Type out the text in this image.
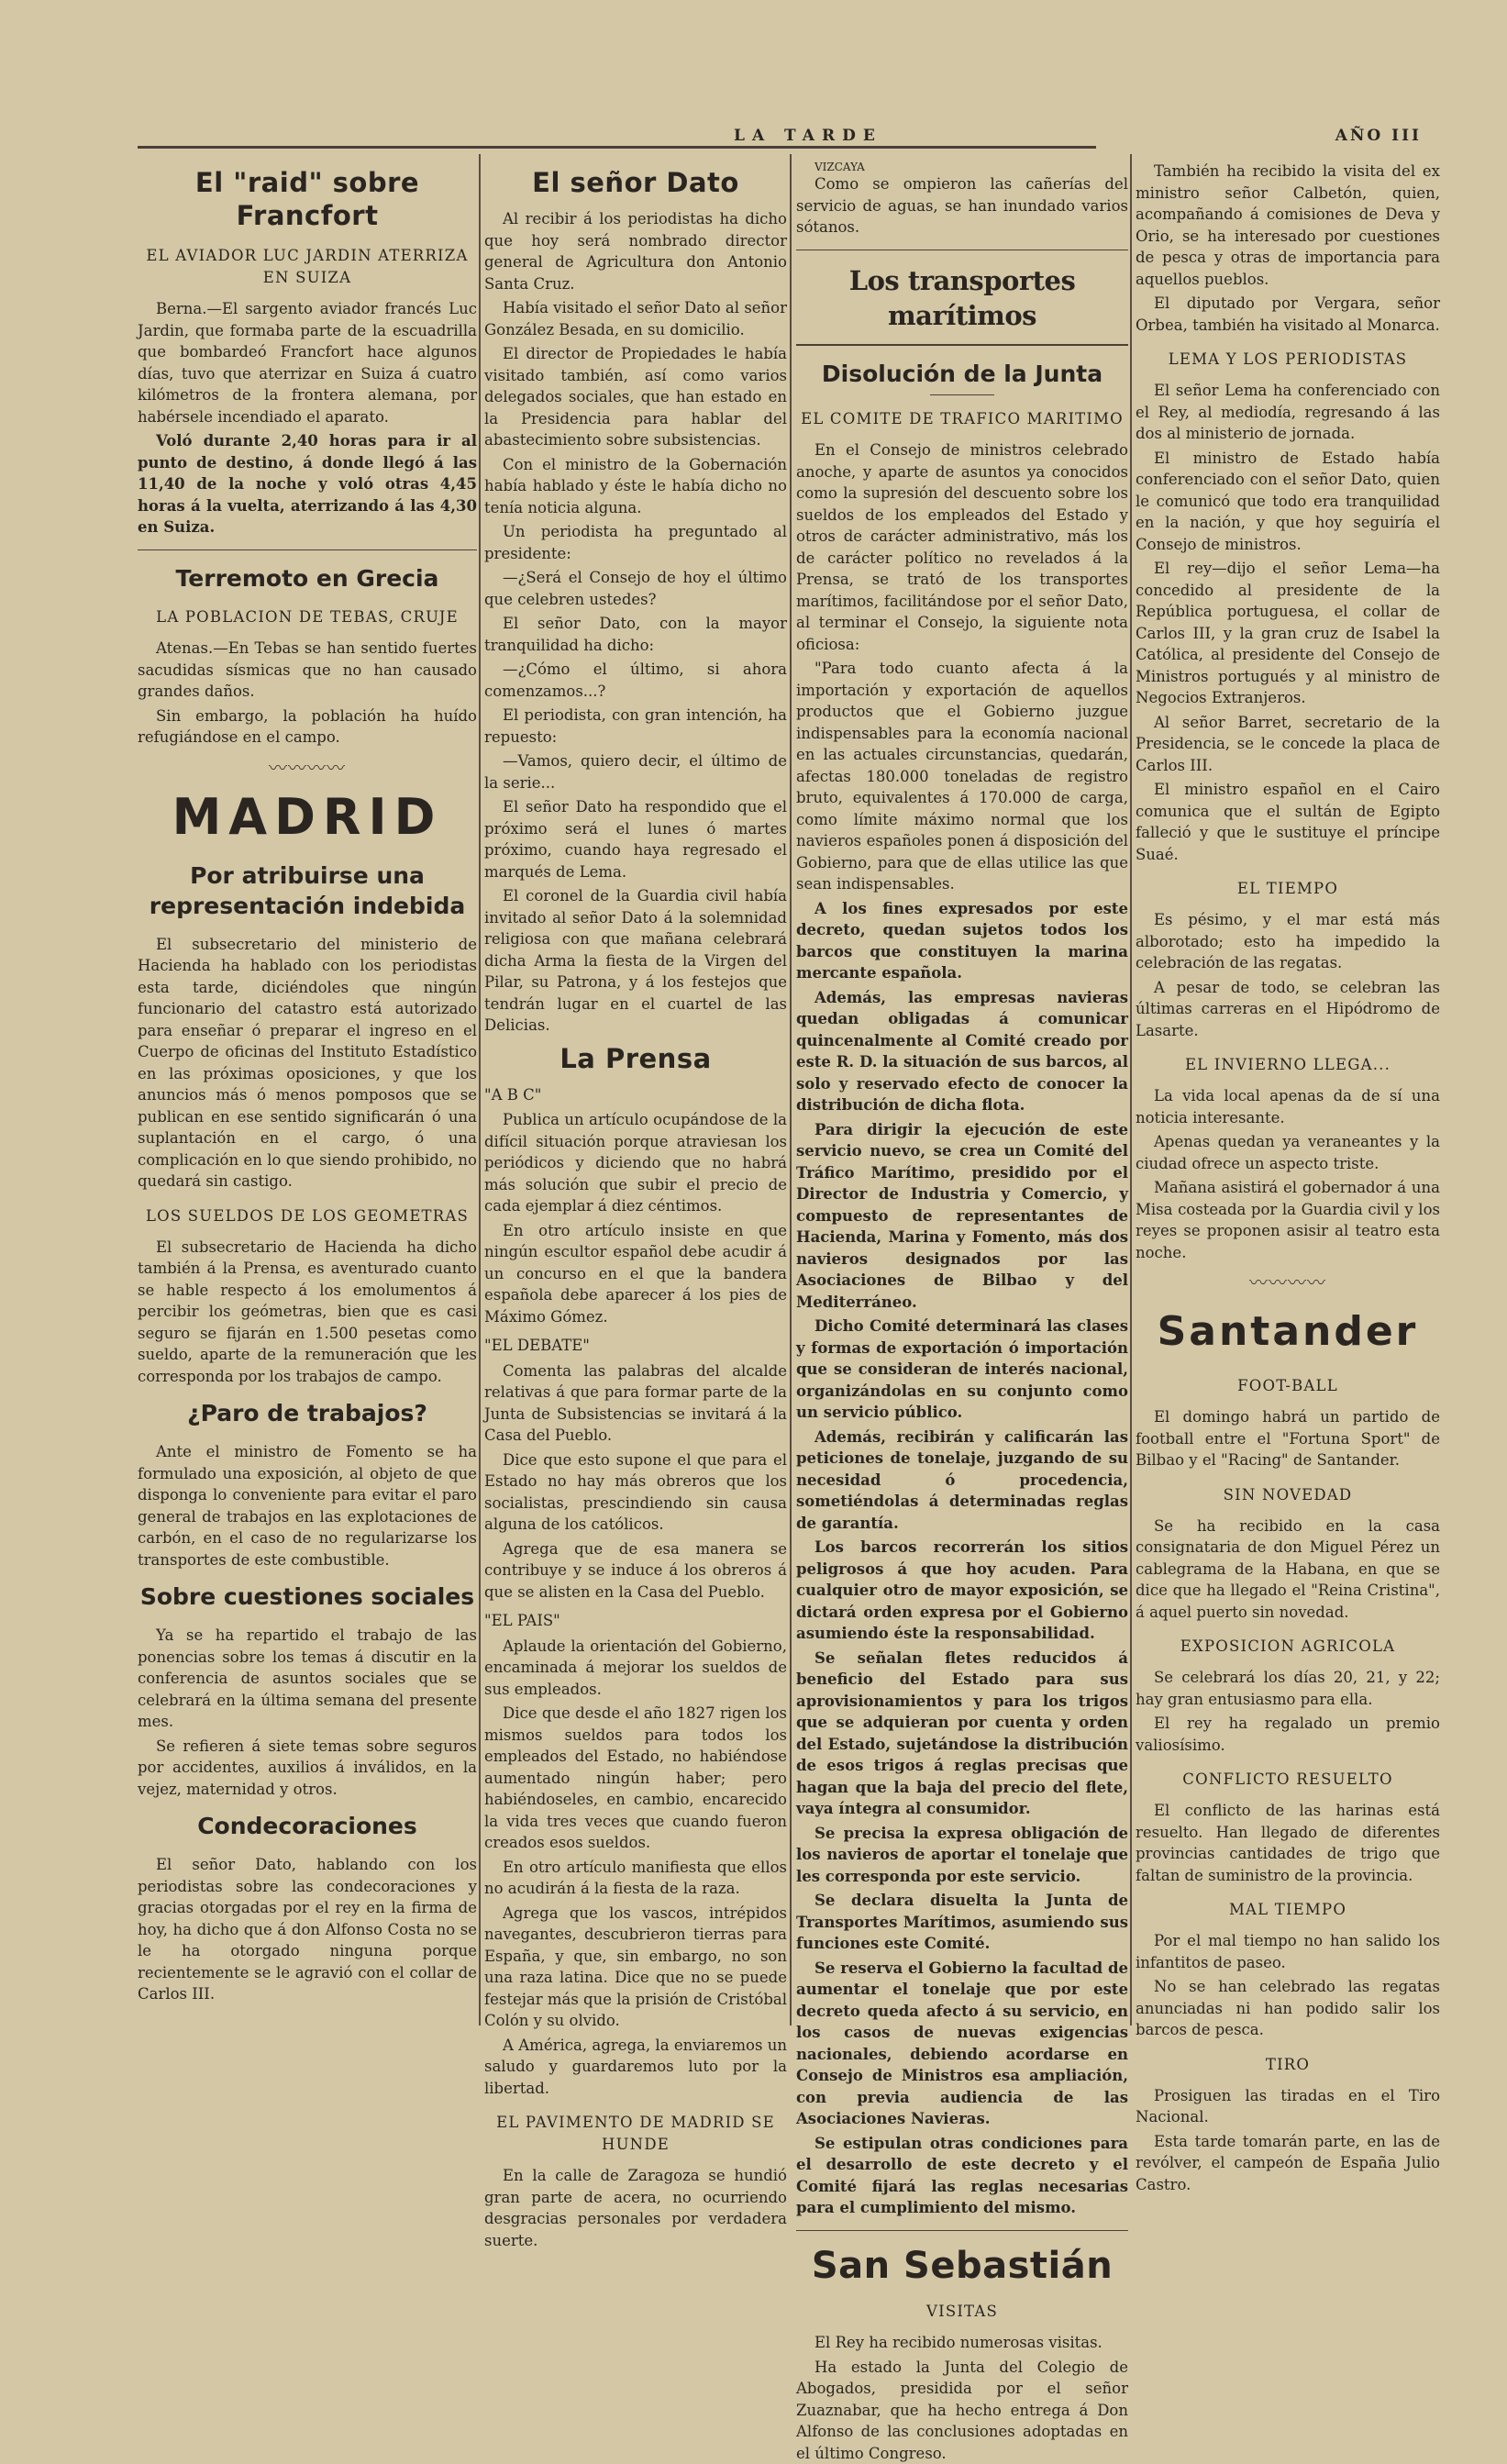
LA TARDE	AÑO III
El "raid" sobre Francfort
EL AVIADOR LUC JARDIN ATERRIZA EN SUIZA

Berna.—El sargento aviador francés Luc Jardin, que formaba parte de la escuadrilla que bombardeó Francfort hace algunos días, tuvo que aterrizar en Suiza á cuatro kilómetros de la frontera alemana, por habérsele incendiado el aparato.

Voló durante 2,40 horas para ir al punto de destino, á donde llegó á las 11,40 de la noche y voló otras 4,45 horas á la vuelta, aterrizando á las 4,30 en Suiza.

Terremoto en Grecia
LA POBLACION DE TEBAS, CRUJE

Atenas.—En Tebas se han sentido fuertes sacudidas sísmicas que no han causado grandes daños.

Sin embargo, la población ha huído refugiándose en el campo.

〰〰〰〰
MADRID
Por atribuirse una representación indebida

El subsecretario del ministerio de Hacienda ha hablado con los periodistas esta tarde, diciéndoles que ningún funcionario del catastro está autorizado para enseñar ó preparar el ingreso en el Cuerpo de oficinas del Instituto Estadístico en las próximas oposiciones, y que los anuncios más ó menos pomposos que se publican en ese sentido significarán ó una suplantación en el cargo, ó una complicación en lo que siendo prohibido, no quedará sin castigo.

LOS SUELDOS DE LOS GEOMETRAS

El subsecretario de Hacienda ha dicho también á la Prensa, es aventurado cuanto se hable respecto á los emolumentos á percibir los geómetras, bien que es casi seguro se fijarán en 1.500 pesetas como sueldo, aparte de la remuneración que les corresponda por los trabajos de campo.

¿Paro de trabajos?

Ante el ministro de Fomento se ha formulado una exposición, al objeto de que disponga lo conveniente para evitar el paro general de trabajos en las explotaciones de carbón, en el caso de no regularizarse los transportes de este combustible.

Sobre cuestiones sociales

Ya se ha repartido el trabajo de las ponencias sobre los temas á discutir en la conferencia de asuntos sociales que se celebrará en la última semana del presente mes.

Se refieren á siete temas sobre seguros por accidentes, auxilios á inválidos, en la vejez, maternidad y otros.

Condecoraciones

El señor Dato, hablando con los periodistas sobre las condecoraciones y gracias otorgadas por el rey en la firma de hoy, ha dicho que á don Alfonso Costa no se le ha otorgado ninguna porque recientemente se le agravió con el collar de Carlos III.

El señor Dato

Al recibir á los periodistas ha dicho que hoy será nombrado director general de Agricultura don Antonio Santa Cruz.

Había visitado el señor Dato al señor González Besada, en su domicilio.

El director de Propiedades le había visitado también, así como varios delegados sociales, que han estado en la Presidencia para hablar del abastecimiento sobre subsistencias.

Con el ministro de la Gobernación había hablado y éste le había dicho no tenía noticia alguna.

Un periodista ha preguntado al presidente:

—¿Será el Consejo de hoy el último que celebren ustedes?

El señor Dato, con la mayor tranquilidad ha dicho:

—¿Cómo el último, si ahora comenzamos...?

El periodista, con gran intención, ha repuesto:

—Vamos, quiero decir, el último de la serie...

El señor Dato ha respondido que el próximo será el lunes ó martes próximo, cuando haya regresado el marqués de Lema.

El coronel de la Guardia civil había invitado al señor Dato á la solemnidad religiosa con que mañana celebrará dicha Arma la fiesta de la Virgen del Pilar, su Patrona, y á los festejos que tendrán lugar en el cuartel de las Delicias.

La Prensa
"A B C"

Publica un artículo ocupándose de la difícil situación porque atraviesan los periódicos y diciendo que no habrá más solución que subir el precio de cada ejemplar á diez céntimos.

En otro artículo insiste en que ningún escultor español debe acudir á un concurso en el que la bandera española debe aparecer á los pies de Máximo Gómez.

"EL DEBATE"

Comenta las palabras del alcalde relativas á que para formar parte de la Junta de Subsistencias se invitará á la Casa del Pueblo.

Dice que esto supone el que para el Estado no hay más obreros que los socialistas, prescindiendo sin causa alguna de los católicos.

Agrega que de esa manera se contribuye y se induce á los obreros á que se alisten en la Casa del Pueblo.

"EL PAIS"

Aplaude la orientación del Gobierno, encaminada á mejorar los sueldos de sus empleados.

Dice que desde el año 1827 rigen los mismos sueldos para todos los empleados del Estado, no habiéndose aumentado ningún haber; pero habiéndoseles, en cambio, encarecido la vida tres veces que cuando fueron creados esos sueldos.

En otro artículo manifiesta que ellos no acudirán á la fiesta de la raza.

Agrega que los vascos, intrépidos navegantes, descubrieron tierras para España, y que, sin embargo, no son una raza latina. Dice que no se puede festejar más que la prisión de Cristóbal Colón y su olvido.

A América, agrega, la enviaremos un saludo y guardaremos luto por la libertad.

EL PAVIMENTO DE MADRID SE HUNDE

En la calle de Zaragoza se hundió gran parte de acera, no ocurriendo desgracias personales por verdadera suerte.

VIZCAYA

Como se ompieron las cañerías del servicio de aguas, se han inundado varios sótanos.

Los transportes marítimos
Disolución de la Junta
EL COMITE DE TRAFICO MARITIMO

En el Consejo de ministros celebrado anoche, y aparte de asuntos ya conocidos como la supresión del descuento sobre los sueldos de los empleados del Estado y otros de carácter administrativo, más los de carácter político no revelados á la Prensa, se trató de los transportes marítimos, facilitándose por el señor Dato, al terminar el Consejo, la siguiente nota oficiosa:

"Para todo cuanto afecta á la importación y exportación de aquellos productos que el Gobierno juzgue indispensables para la economía nacional en las actuales circunstancias, quedarán, afectas 180.000 toneladas de registro bruto, equivalentes á 170.000 de carga, como límite máximo normal que los navieros españoles ponen á disposición del Gobierno, para que de ellas utilice las que sean indispensables.

A los fines expresados por este decreto, quedan sujetos todos los barcos que constituyen la marina mercante española.

Además, las empresas navieras quedan obligadas á comunicar quincenalmente al Comité creado por este R. D. la situación de sus barcos, al solo y reservado efecto de conocer la distribución de dicha flota.

Para dirigir la ejecución de este servicio nuevo, se crea un Comité del Tráfico Marítimo, presidido por el Director de Industria y Comercio, y compuesto de representantes de Hacienda, Marina y Fomento, más dos navieros designados por las Asociaciones de Bilbao y del Mediterráneo.

Dicho Comité determinará las clases y formas de exportación ó importación que se consideran de interés nacional, organizándolas en su conjunto como un servicio público.

Además, recibirán y calificarán las peticiones de tonelaje, juzgando de su necesidad ó procedencia, sometiéndolas á determinadas reglas de garantía.

Los barcos recorrerán los sitios peligrosos á que hoy acuden. Para cualquier otro de mayor exposición, se dictará orden expresa por el Gobierno asumiendo éste la responsabilidad.

Se señalan fletes reducidos á beneficio del Estado para sus aprovisionamientos y para los trigos que se adquieran por cuenta y orden del Estado, sujetándose la distribución de esos trigos á reglas precisas que hagan que la baja del precio del flete, vaya íntegra al consumidor.

Se precisa la expresa obligación de los navieros de aportar el tonelaje que les corresponda por este servicio.

Se declara disuelta la Junta de Transportes Marítimos, asumiendo sus funciones este Comité.

Se reserva el Gobierno la facultad de aumentar el tonelaje que por este decreto queda afecto á su servicio, en los casos de nuevas exigencias nacionales, debiendo acordarse en Consejo de Ministros esa ampliación, con previa audiencia de las Asociaciones Navieras.

Se estipulan otras condiciones para el desarrollo de este decreto y el Comité fijará las reglas necesarias para el cumplimiento del mismo.

San Sebastián
VISITAS

El Rey ha recibido numerosas visitas.

Ha estado la Junta del Colegio de Abogados, presidida por el señor Zuaznabar, que ha hecho entrega á Don Alfonso de las conclusiones adoptadas en el último Congreso.

También ha recibido la visita del ex ministro señor Calbetón, quien, acompañando á comisiones de Deva y Orio, se ha interesado por cuestiones de pesca y otras de importancia para aquellos pueblos.

El diputado por Vergara, señor Orbea, también ha visitado al Monarca.

LEMA Y LOS PERIODISTAS

El señor Lema ha conferenciado con el Rey, al mediodía, regresando á las dos al ministerio de jornada.

El ministro de Estado había conferenciado con el señor Dato, quien le comunicó que todo era tranquilidad en la nación, y que hoy seguiría el Consejo de ministros.

El rey—dijo el señor Lema—ha concedido al presidente de la República portuguesa, el collar de Carlos III, y la gran cruz de Isabel la Católica, al presidente del Consejo de Ministros portugués y al ministro de Negocios Extranjeros.

Al señor Barret, secretario de la Presidencia, se le concede la placa de Carlos III.

El ministro español en el Cairo comunica que el sultán de Egipto falleció y que le sustituye el príncipe Suaé.

EL TIEMPO

Es pésimo, y el mar está más alborotado; esto ha impedido la celebración de las regatas.

A pesar de todo, se celebran las últimas carreras en el Hipódromo de Lasarte.

EL INVIERNO LLEGA...

La vida local apenas da de sí una noticia interesante.

Apenas quedan ya veraneantes y la ciudad ofrece un aspecto triste.

Mañana asistirá el gobernador á una Misa costeada por la Guardia civil y los reyes se proponen asisir al teatro esta noche.

〰〰〰〰
Santander
FOOT-BALL

El domingo habrá un partido de football entre el "Fortuna Sport" de Bilbao y el "Racing" de Santander.

SIN NOVEDAD

Se ha recibido en la casa consignataria de don Miguel Pérez un cablegrama de la Habana, en que se dice que ha llegado el "Reina Cristina", á aquel puerto sin novedad.

EXPOSICION AGRICOLA

Se celebrará los días 20, 21, y 22; hay gran entusiasmo para ella.

El rey ha regalado un premio valiosísimo.

CONFLICTO RESUELTO

El conflicto de las harinas está resuelto. Han llegado de diferentes provincias cantidades de trigo que faltan de suministro de la provincia.

MAL TIEMPO

Por el mal tiempo no han salido los infantitos de paseo.

No se han celebrado las regatas anunciadas ni han podido salir los barcos de pesca.

TIRO

Prosiguen las tiradas en el Tiro Nacional.

Esta tarde tomarán parte, en las de revólver, el campeón de España Julio Castro.
